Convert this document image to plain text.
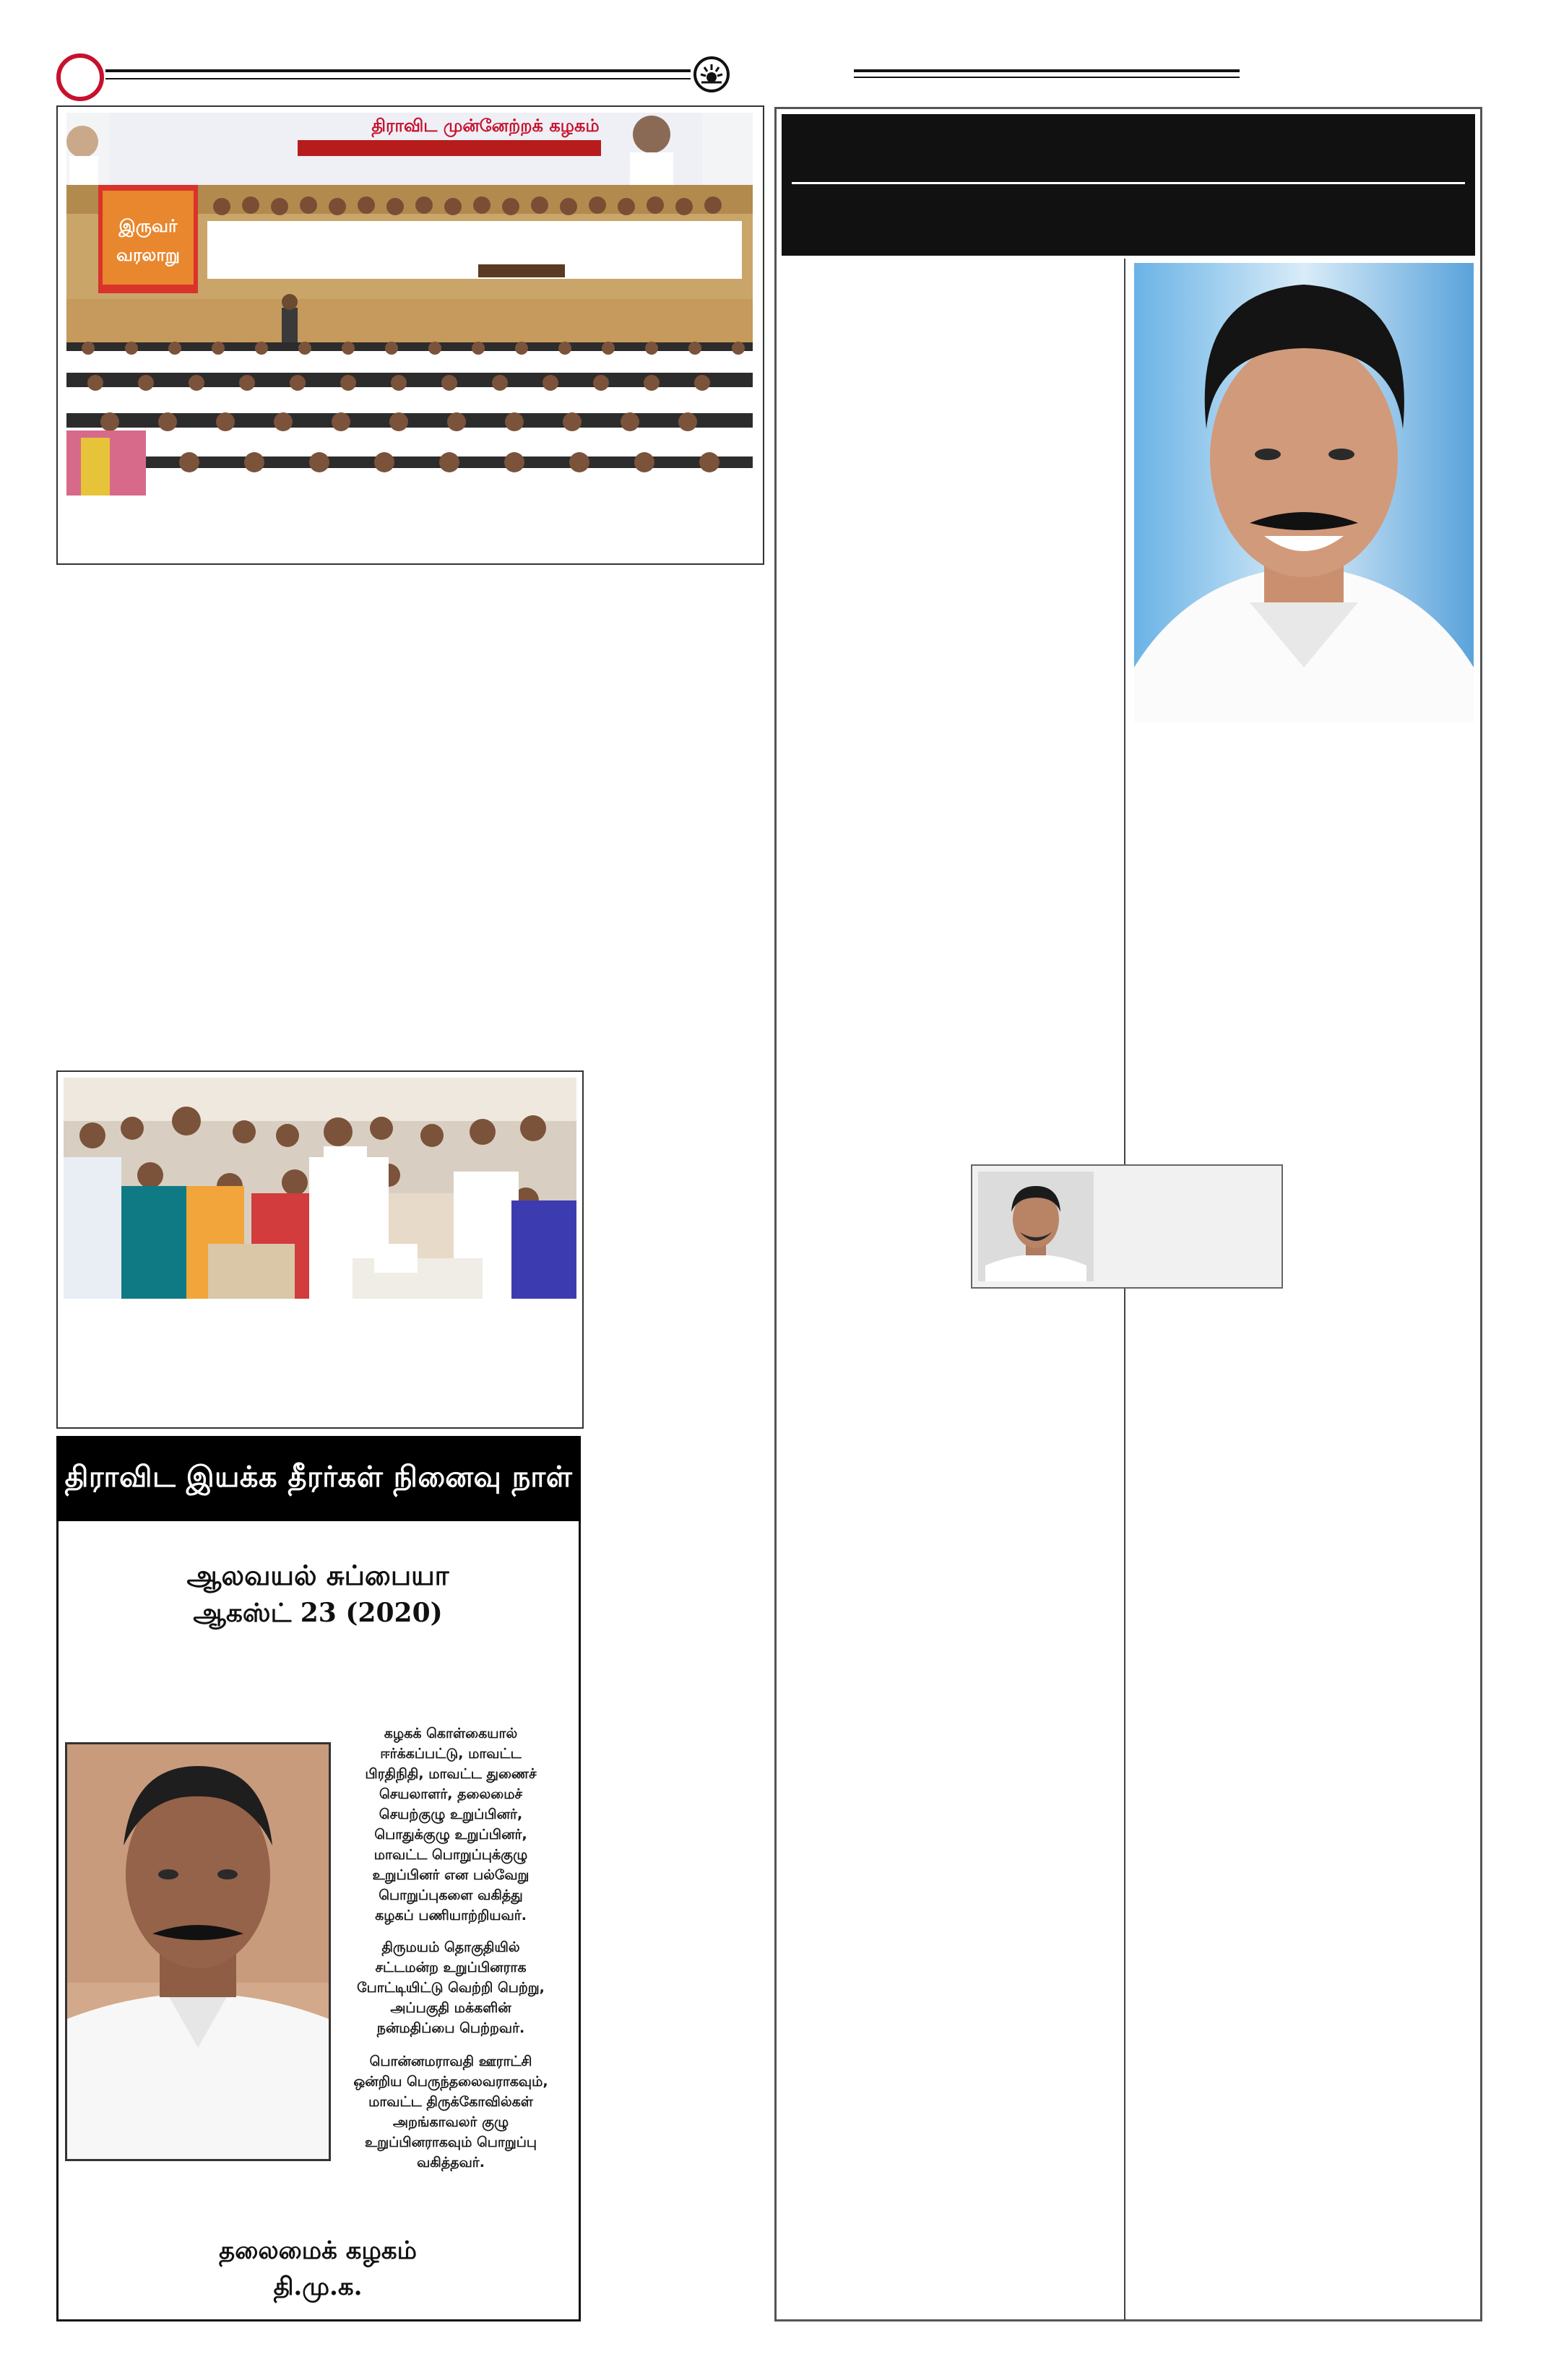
திராவிட முன்னேற்றக் கழகம்
இருவர்
வரலாறு
திராவிட இயக்க தீரர்கள் நினைவு நாள்
ஆலவயல் சுப்பையா
ஆகஸ்ட் 23 (2020)
கழகக் கொள்கையால்
ஈர்க்கப்பட்டு, மாவட்ட
பிரதிநிதி, மாவட்ட துணைச்
செயலாளர், தலைமைச்
செயற்குழு உறுப்பினர்,
பொதுக்குழு உறுப்பினர்,
மாவட்ட பொறுப்புக்குழு
உறுப்பினர் என பல்வேறு
பொறுப்புகளை வகித்து
கழகப் பணியாற்றியவர்.
திருமயம் தொகுதியில்
சட்டமன்ற உறுப்பினராக
போட்டியிட்டு வெற்றி பெற்று,
அப்பகுதி மக்களின்
நன்மதிப்பை பெற்றவர்.
பொன்னமராவதி ஊராட்சி
ஒன்றிய பெருந்தலைவராகவும்,
மாவட்ட திருக்கோவில்கள்
அறங்காவலர் குழு
உறுப்பினராகவும் பொறுப்பு
வகித்தவர்.
தலைமைக் கழகம்
தி.மு.க.
